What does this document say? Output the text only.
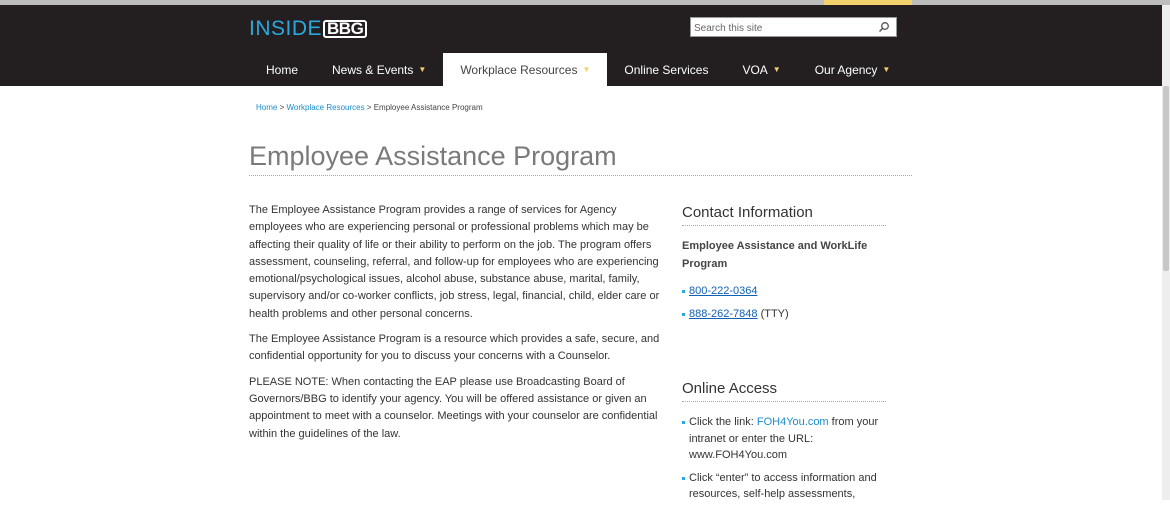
INSIDE BBG
Search this site
Home	News & Events ▼	Workplace Resources ▼	Online Services	VOA ▼	Our Agency ▼
Home > Workplace Resources > Employee Assistance Program
Employee Assistance Program

The Employee Assistance Program provides a range of services for Agency employees who are experiencing personal or professional problems which may be affecting their quality of life or their ability to perform on the job. The program offers assessment, counseling, referral, and follow-up for employees who are experiencing emotional/psychological issues, alcohol abuse, substance abuse, marital, family, supervisory and/or co-worker conflicts, job stress, legal, financial, child, elder care or health problems and other personal concerns.

The Employee Assistance Program is a resource which provides a safe, secure, and confidential opportunity for you to discuss your concerns with a Counselor.

PLEASE NOTE: When contacting the EAP please use Broadcasting Board of Governors/BBG to identify your agency. You will be offered assistance or given an appointment to meet with a counselor. Meetings with your counselor are confidential within the guidelines of the law.

Contact Information
Employee Assistance and WorkLife Program
800-222-0364
888-262-7848 (TTY)
Online Access
Click the link: FOH4You.com from your intranet or enter the URL: www.FOH4You.com
Click “enter” to access information and resources, self-help assessments,
